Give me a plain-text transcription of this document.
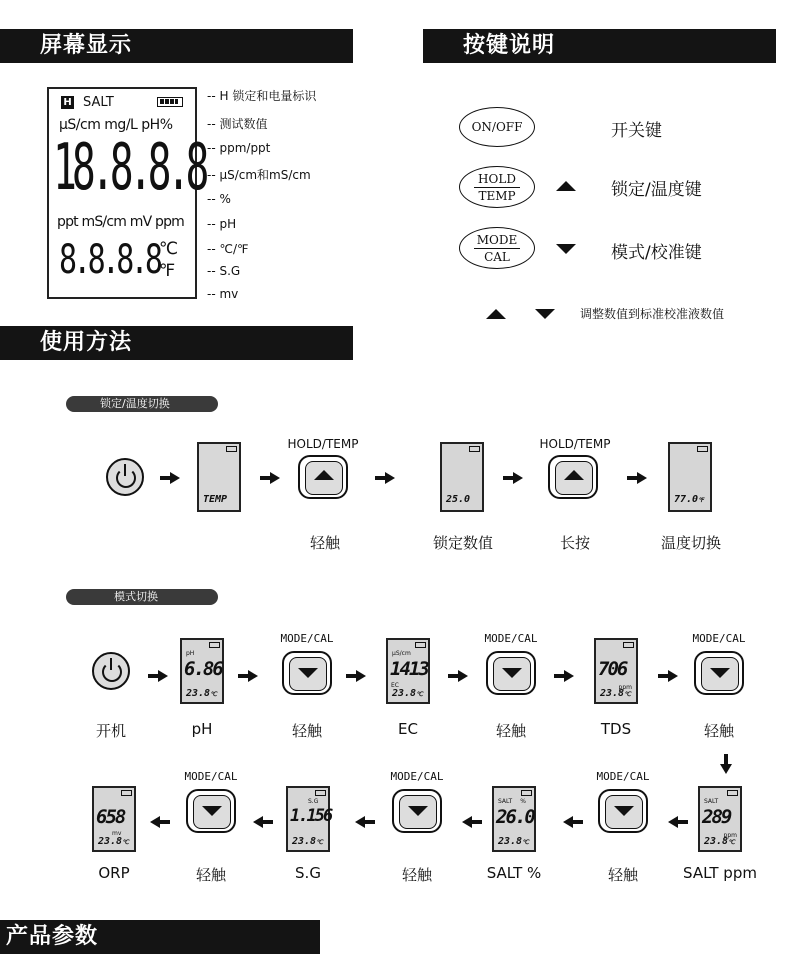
屏幕显示	按键说明
使用方法
产品参数
H SALT
μS/cm mg/L pH%
18.8.8.8
ppt mS/cm mV ppm
8.8.8.8 ℃
℉
-- H 锁定和电量标识
-- 测试数值
-- ppm/ppt
-- μS/cm和mS/cm
-- %
-- pH
-- ℃/℉
-- S.G
-- mv
ON/OFF	开关键
HOLD
TEMP	锁定/温度键
MODE
CAL	模式/校准键
调整数值到标准校准液数值
锁定/温度切换
TEMP
HOLD/TEMP
轻触
25.0
锁定数值
HOLD/TEMP
长按
77.0℉
温度切换
模式切换
开机
pH
6.86
23.8℃
pH
MODE/CAL
轻触
μS/cm
1413
EC
23.8℃
EC
MODE/CAL
轻触
706
ppm
23.8℃
TDS
MODE/CAL
轻触
SALT
289
ppm
23.8℃
SALT ppm
MODE/CAL
轻触
SALT %
26.0
23.8℃
SALT %
MODE/CAL
轻触
S.G
1.156
23.8℃
S.G
MODE/CAL
轻触
658
mv
23.8℃
ORP
